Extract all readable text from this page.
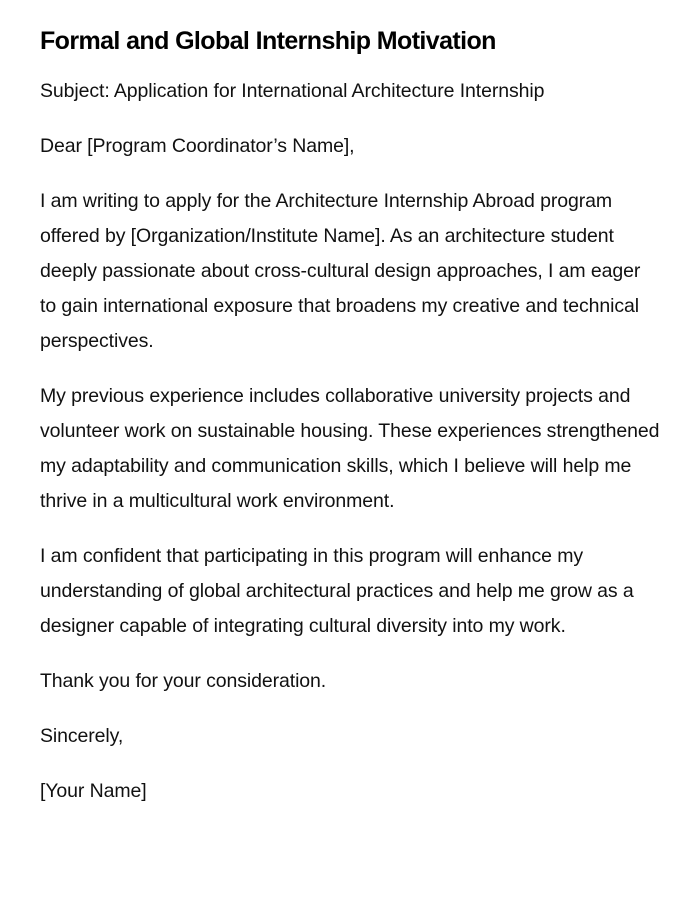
Formal and Global Internship Motivation

Subject: Application for International Architecture Internship

Dear [Program Coordinator’s Name],

I am writing to apply for the Architecture Internship Abroad program offered by [Organization/Institute Name]. As an architecture student deeply passionate about cross-cultural design approaches, I am eager to gain international exposure that broadens my creative and technical perspectives.

My previous experience includes collaborative university projects and volunteer work on sustainable housing. These experiences strengthened my adaptability and communication skills, which I believe will help me thrive in a multicultural work environment.

I am confident that participating in this program will enhance my understanding of global architectural practices and help me grow as a designer capable of integrating cultural diversity into my work.

Thank you for your consideration.

Sincerely,

[Your Name]
